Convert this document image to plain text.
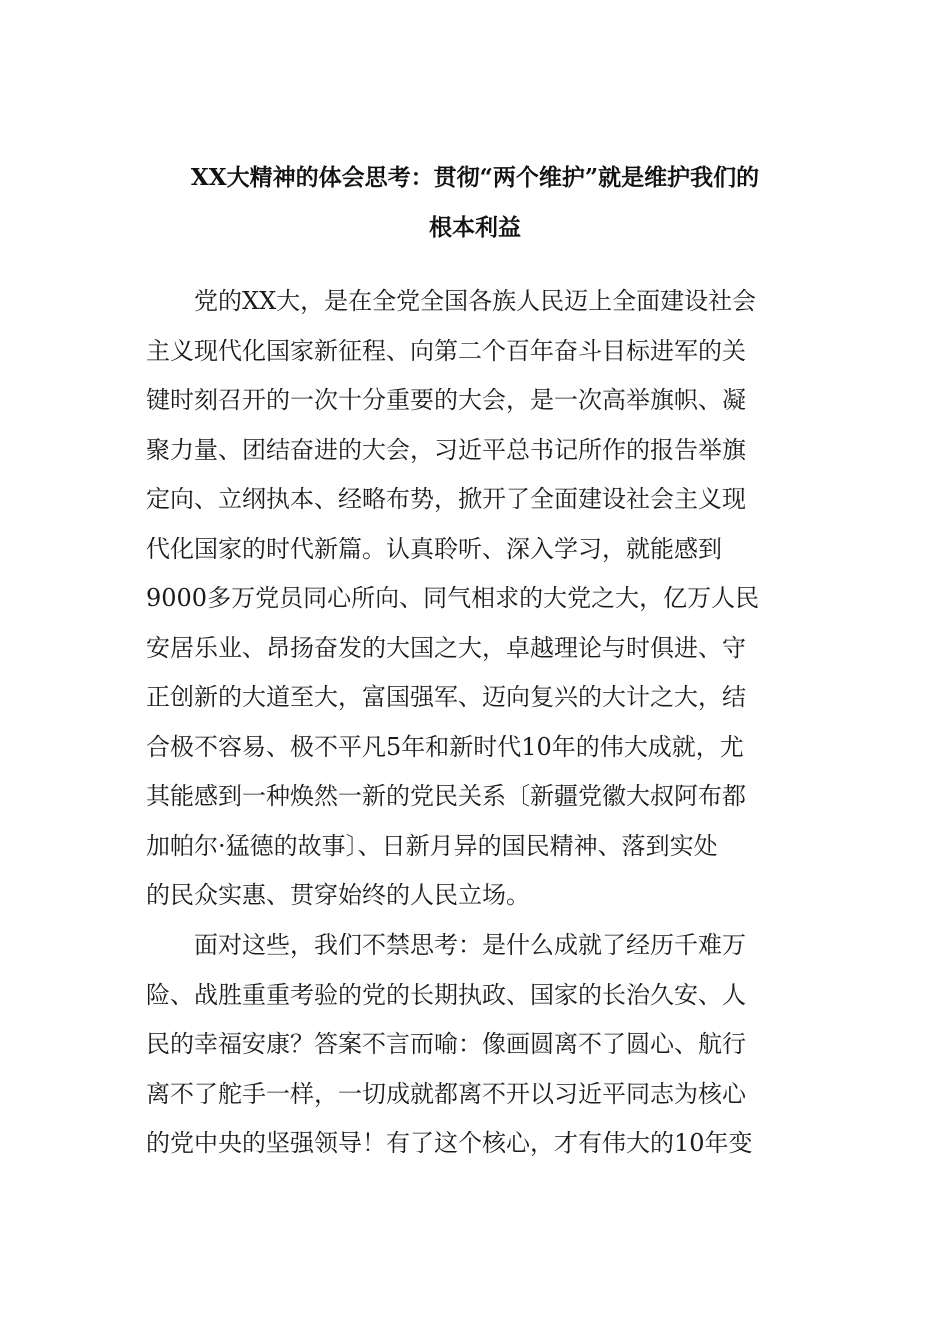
XX大精神的体会思考：贯彻“两个维护”就是维护我们的
根本利益
党的XX大，是在全党全国各族人民迈上全面建设社会
主义现代化国家新征程、向第二个百年奋斗目标进军的关
键时刻召开的一次十分重要的大会，是一次高举旗帜、凝
聚力量、团结奋进的大会，习近平总书记所作的报告举旗
定向、立纲执本、经略布势，掀开了全面建设社会主义现
代化国家的时代新篇。认真聆听、深入学习，就能感到
9000多万党员同心所向、同气相求的大党之大，亿万人民
安居乐业、昂扬奋发的大国之大，卓越理论与时俱进、守
正创新的大道至大，富国强军、迈向复兴的大计之大，结
合极不容易、极不平凡5年和新时代10年的伟大成就，尤
其能感到一种焕然一新的党民关系〔新疆党徽大叔阿布都
加帕尔·猛德的故事〕、日新月异的国民精神、落到实处
的民众实惠、贯穿始终的人民立场。
面对这些，我们不禁思考：是什么成就了经历千难万
险、战胜重重考验的党的长期执政、国家的长治久安、人
民的幸福安康？答案不言而喻：像画圆离不了圆心、航行
离不了舵手一样，一切成就都离不开以习近平同志为核心
的党中央的坚强领导！有了这个核心，才有伟大的10年变
